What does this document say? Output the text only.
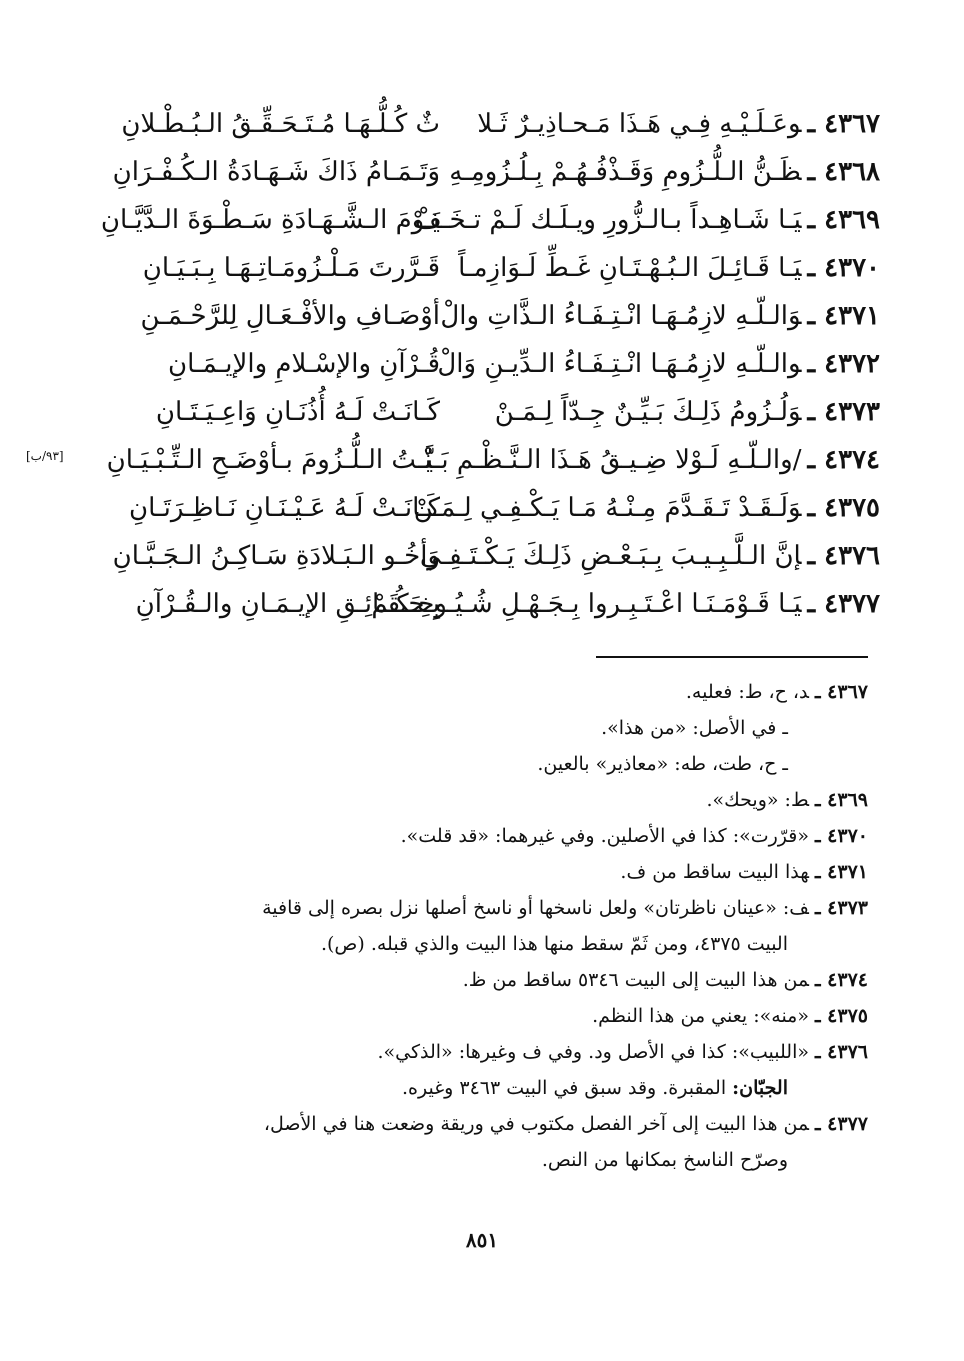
٤٣٦٧ ـوعَـلَـيْـهِ فِـي هَـذَا مَـحـاذِيـرٌ ثَـلا
ثٌ كُـلُّـهَـا مُـتَـحَـقِّـقُ الـبُـطْـلانِ
٤٣٦٨ ـظَـنُّ الـلُّـزُومِ وَقَـذْفُـهُـمْ بِـلُـزُومِـهِ
وَتَـمَـامُ ذَاكَ شَـهَـادَةُ الـكُـفْـرَانِ
٤٣٦٩ ـيَـا شَـاهِـداً بـالـزُّورِ ويـلَـك لَـمْ تـخَـفْ
يَـوْمَ الـشَّـهَـادَةِ سَـطْـوَةَ الـدَّيَّـانِ
٤٣٧٠ ـيَـا قَـائِـلَ الـبُـهْـتَـانِ غَـطِّ لَـوَازِمـاً
قَـرَّرتَ مَـلْـزُومَـاتِـهَـا بِـبَـيَـانِ
٤٣٧١ ـوَالـلّـهِ لازِمُـهَـا انْـتِـفَـاءُ الـذَّاتِ والْ
أوْصَـافِ والأفْـعَـالِ لِلرَّحْـمَـنِ
٤٣٧٢ ـوالـلّـهِ لازِمُـهَـا انْـتِـفَـاءُ الـدِّيـنِ وَالْ
قُـرْآنِ والإسْـلامِ والإيـمَـانِ
٤٣٧٣ ـوَلُـزُومُ ذَلِـكَ بَـيِّـنٌ جِـدّاً لِـمَـنْ
كَـانَـتْ لَـهُ أُذُنَـانِ وَاعِـيَـتَـانِ
٤٣٧٤ ـ/والـلّـهِ لَـوْلا ضِـيـقُ هَـذَا الـنَّـظْـمِ بَـيَّـ
ـنْـتُ الـلُّـزُومَ بـأوْضَـحِ الـتِّـبْـيَـانِ
[٩٣/ب]
٤٣٧٥ ـوَلَـقَـدْ تَـقَـدَّمَ مِـنْـهُ مَـا يَـكْـفِـي لِـمَـنْ
كَـانَـتْ لَـهُ عَـيْـنَـانِ نَـاظِـرَتَـانِ
٤٣٧٦ ـإنَّ الـلَّـبِـيـبَ بِـبَـعْـضِ ذَلِـكَ يَـكْـتَـفِـي
وَأخُـو الـبَـلادَةِ سَـاكِـنُ الـجَـبَّـانِ
٤٣٧٧ ـيَـا قَـوْمَـنَـا اعْـتَـبِـروا بِـجَـهْـلِ شُـيُـوخِـكُـمْ
بِـحَـقَـائِـقِ الإيـمَـانِ والـقُـرْآنِ
٤٣٦٧ ـد، ح، ط: فعليه.
ـ في الأصل: «من هذا».
ـ ح، طت، طه: «معاذير» بالعين.
٤٣٦٩ ـط: «ويحك».
٤٣٧٠ ـ«قرّرت»: كذا في الأصلين. وفي غيرهما: «قد قلت».
٤٣٧١ ـهذا البيت ساقط من ف.
٤٣٧٣ ـف: «عينان ناظرتان» ولعل ناسخها أو ناسخ أصلها نزل بصره إلى قافية
البيت ٤٣٧٥، ومن ثَمّ سقط منها هذا البيت والذي قبله. (ص).
٤٣٧٤ ـمن هذا البيت إلى البيت ٥٣٤٦ ساقط من ظ.
٤٣٧٥ ـ«منه»: يعني من هذا النظم.
٤٣٧٦ ـ«اللبيب»: كذا في الأصل ود. وفي ف وغيرها: «الذكي».
الجبّان: المقبرة. وقد سبق في البيت ٣٤٦٣ وغيره.
٤٣٧٧ ـمن هذا البيت إلى آخر الفصل مكتوب في وريقة وضعت هنا في الأصل،
وصرّح الناسخ بمكانها من النص.
٨٥١
